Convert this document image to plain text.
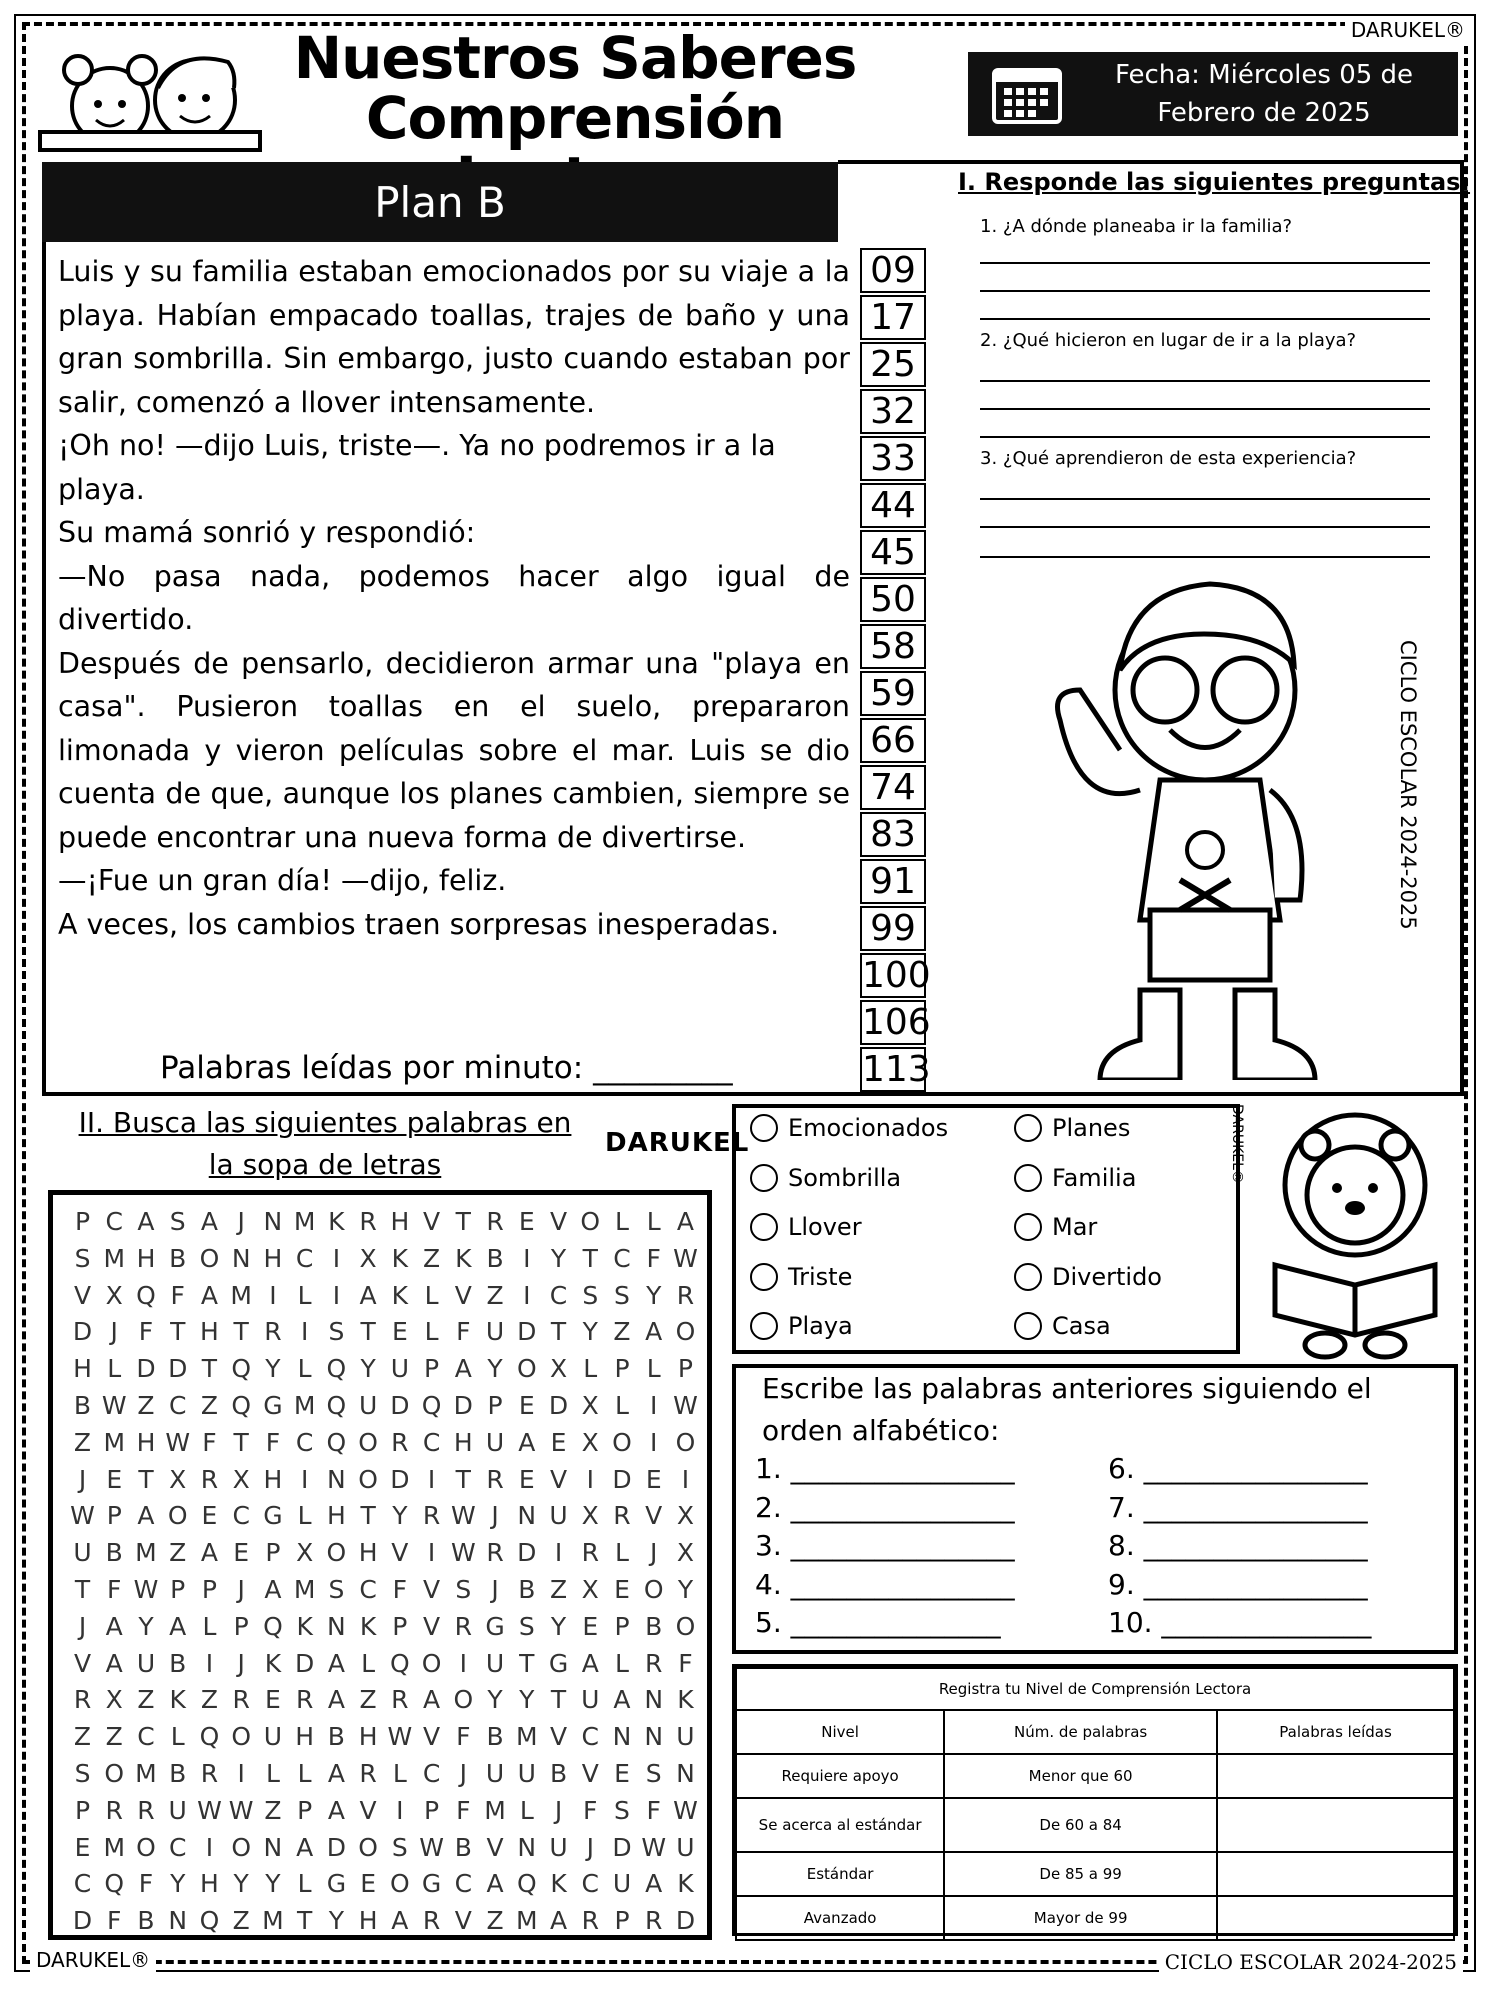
DARUKEL®
Nuestros Saberes
Comprensión
Fecha: Miércoles 05 de
Febrero de 2025
Plan B

Luis y su familia estaban emocionados por su viaje a la playa. Habían empacado toallas, trajes de baño y una gran sombrilla. Sin embargo, justo cuando estaban por salir, comenzó a llover intensamente.

¡Oh no! —dijo Luis, triste—. Ya no podremos ir a la playa.

Su mamá sonrió y respondió:

—No pasa nada, podemos hacer algo igual de divertido.

Después de pensarlo, decidieron armar una "playa en casa". Pusieron toallas en el suelo, prepararon limonada y vieron películas sobre el mar. Luis se dio cuenta de que, aunque los planes cambien, siempre se puede encontrar una nueva forma de divertirse.

—¡Fue un gran día! —dijo, feliz.

A veces, los cambios traen sorpresas inesperadas.

09
17
25
32
33
44
45
50
58
59
66
74
83
91
99
100
106
113
Palabras leídas por minuto: _________
I. Responde las siguientes preguntas:
1. ¿A dónde planeaba ir la familia?
2. ¿Qué hicieron en lugar de ir a la playa?
3. ¿Qué aprendieron de esta experiencia?
CICLO ESCOLAR 2024-2025
II. Busca las siguientes palabras en
la sopa de letras
DARUKEL
P C A S A J N M K R H V T R E V O L L A
S M H B O N H C I X K Z K B I Y T C F W
V X Q F A M I L I A K L V Z I C S S Y R
D J F T H T R I S T E L F U D T Y Z A O
H L D D T Q Y L Q Y U P A Y O X L P L P
B W Z C Z Q G M Q U D Q D P E D X L I W
Z M H W F T F C Q O R C H U A E X O I O
J E T X R X H I N O D I T R E V I D E I
W P A O E C G L H T Y R W J N U X R V X
U B M Z A E P X O H V I W R D I R L J X
T F W P P J A M S C F V S J B Z X E O Y
J A Y A L P Q K N K P V R G S Y E P B O
V A U B I J K D A L Q O I U T G A L R F
R X Z K Z R E R A Z R A O Y Y T U A N K
Z Z C L Q O U H B H W V F B M V C N N U
S O M B R I L L A R L C J U U B V E S N
P R R U W W Z P A V I P F M L J F S F W
E M O C I O N A D O S W B V N U J D W U
C Q F Y H Y Y L G E O G C A Q K C U A K
D F B N Q Z M T Y H A R V Z M A R P R D
Emocionados
Sombrilla
Llover
Triste
Playa
Planes
Familia
Mar
Divertido
Casa
DARUKEL®
Escribe las palabras anteriores siguiendo el orden alfabético:
1. ________________
2. ________________
3. ________________
4. ________________
5. _______________
6. ________________
7. ________________
8. ________________
9. ________________
10. _______________
Registra tu Nivel de Comprensión Lectora		
Nivel	Núm. de palabras	Palabras leídas
Requiere apoyo	Menor que 60	
Se acerca al estándar	De 60 a 84	
Estándar	De 85 a 99	
Avanzado	Mayor de 99	
DARUKEL®	CICLO ESCOLAR 2024-2025
